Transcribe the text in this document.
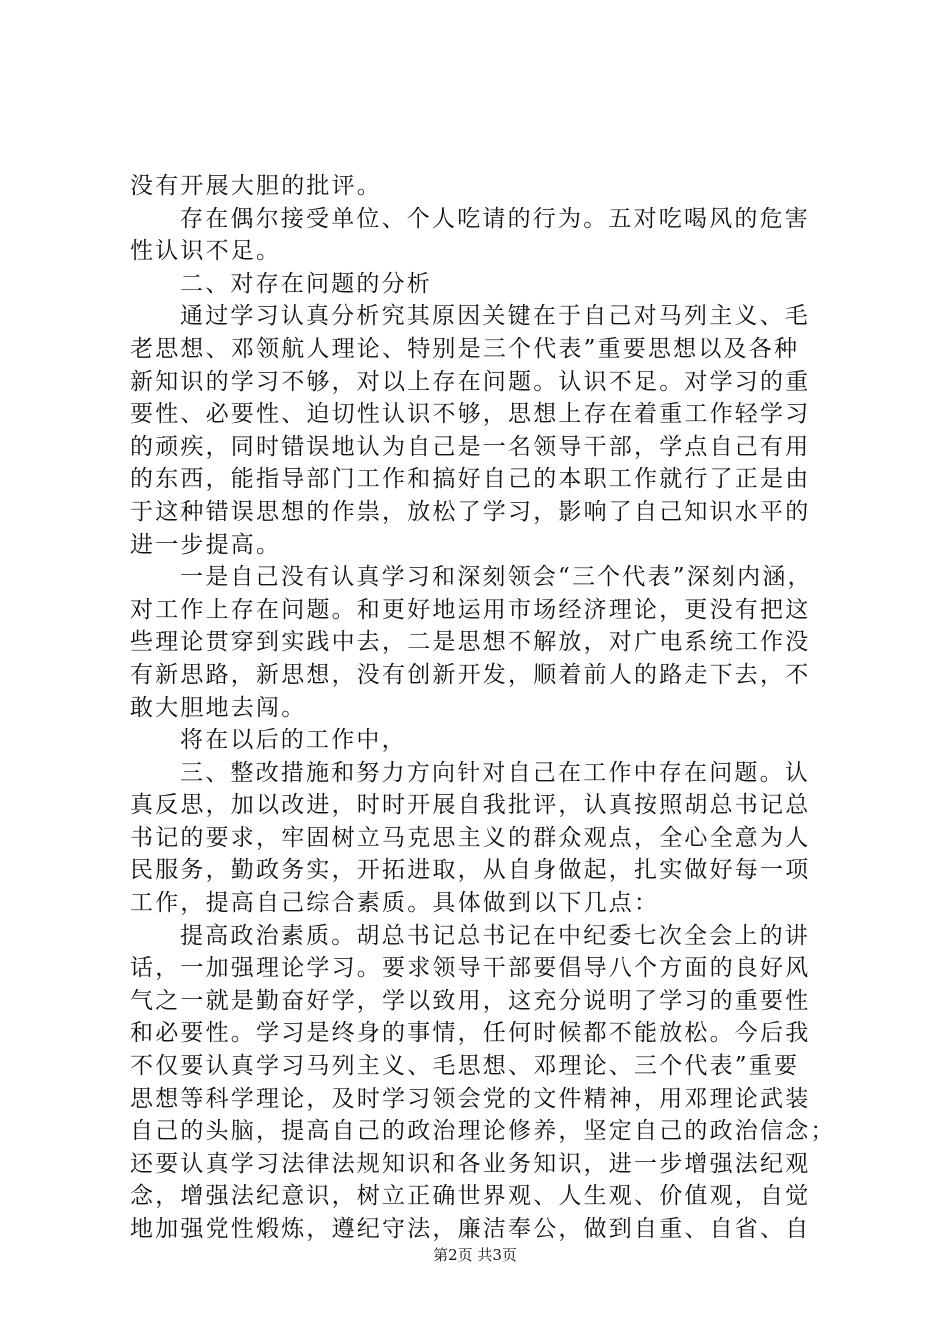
没有开展大胆的批评。
存在偶尔接受单位、个人吃请的行为。五对吃喝风的危害
性认识不足。
二、对存在问题的分析
通过学习认真分析究其原因关键在于自己对马列主义、毛
老思想、邓领航人理论、特别是三个代表”重要思想以及各种
新知识的学习不够，对以上存在问题。认识不足。对学习的重
要性、必要性、迫切性认识不够，思想上存在着重工作轻学习
的顽疾，同时错误地认为自己是一名领导干部，学点自己有用
的东西，能指导部门工作和搞好自己的本职工作就行了正是由
于这种错误思想的作祟，放松了学习，影响了自己知识水平的
进一步提高。
一是自己没有认真学习和深刻领会“三个代表”深刻内涵，
对工作上存在问题。和更好地运用市场经济理论，更没有把这
些理论贯穿到实践中去，二是思想不解放，对广电系统工作没
有新思路，新思想，没有创新开发，顺着前人的路走下去，不
敢大胆地去闯。
将在以后的工作中，
三、整改措施和努力方向针对自己在工作中存在问题。认
真反思，加以改进，时时开展自我批评，认真按照胡总书记总
书记的要求，牢固树立马克思主义的群众观点，全心全意为人
民服务，勤政务实，开拓进取，从自身做起，扎实做好每一项
工作，提高自己综合素质。具体做到以下几点：
提高政治素质。胡总书记总书记在中纪委七次全会上的讲
话，一加强理论学习。要求领导干部要倡导八个方面的良好风
气之一就是勤奋好学，学以致用，这充分说明了学习的重要性
和必要性。学习是终身的事情，任何时候都不能放松。今后我
不仅要认真学习马列主义、毛思想、邓理论、三个代表”重要
思想等科学理论，及时学习领会党的文件精神，用邓理论武装
自己的头脑，提高自己的政治理论修养，坚定自己的政治信念；
还要认真学习法律法规知识和各业务知识，进一步增强法纪观
念，增强法纪意识，树立正确世界观、人生观、价值观，自觉
地加强党性煅炼，遵纪守法，廉洁奉公，做到自重、自省、自
第2页 共3页
